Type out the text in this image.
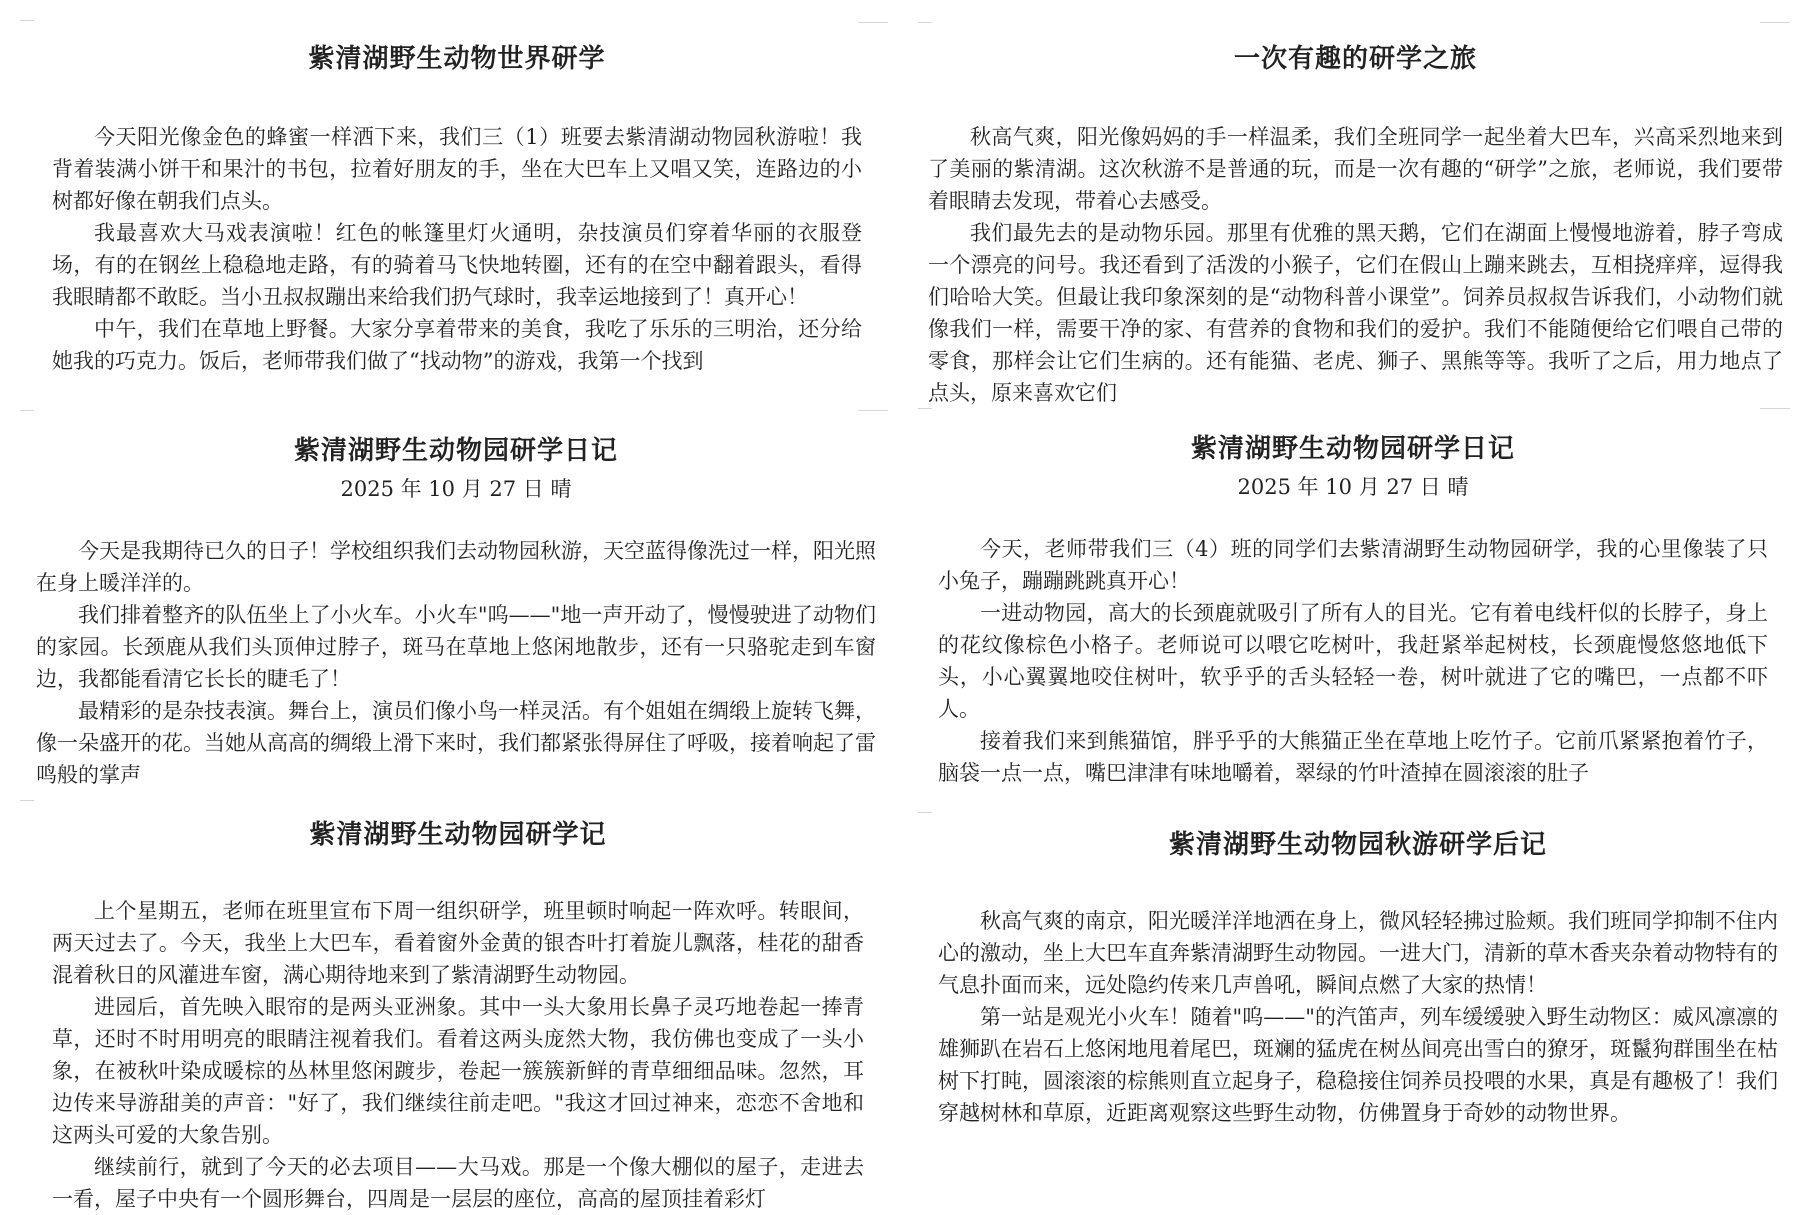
紫清湖野生动物世界研学

今天阳光像金色的蜂蜜一样洒下来，我们三（1）班要去紫清湖动物园秋游啦！我背着装满小饼干和果汁的书包，拉着好朋友的手，坐在大巴车上又唱又笑，连路边的小树都好像在朝我们点头。

我最喜欢大马戏表演啦！红色的帐篷里灯火通明，杂技演员们穿着华丽的衣服登场，有的在钢丝上稳稳地走路，有的骑着马飞快地转圈，还有的在空中翻着跟头，看得我眼睛都不敢眨。当小丑叔叔蹦出来给我们扔气球时，我幸运地接到了！真开心！

中午，我们在草地上野餐。大家分享着带来的美食，我吃了乐乐的三明治，还分给她我的巧克力。饭后，老师带我们做了“找动物”的游戏，我第一个找到

一次有趣的研学之旅

秋高气爽，阳光像妈妈的手一样温柔，我们全班同学一起坐着大巴车，兴高采烈地来到了美丽的紫清湖。这次秋游不是普通的玩，而是一次有趣的“研学”之旅，老师说，我们要带着眼睛去发现，带着心去感受。

我们最先去的是动物乐园。那里有优雅的黑天鹅，它们在湖面上慢慢地游着，脖子弯成一个漂亮的问号。我还看到了活泼的小猴子，它们在假山上蹦来跳去，互相挠痒痒，逗得我们哈哈大笑。但最让我印象深刻的是“动物科普小课堂”。饲养员叔叔告诉我们，小动物们就像我们一样，需要干净的家、有营养的食物和我们的爱护。我们不能随便给它们喂自己带的零食，那样会让它们生病的。还有能猫、老虎、狮子、黑熊等等。我听了之后，用力地点了点头，原来喜欢它们

紫清湖野生动物园研学日记
2025 年 10 月 27 日 晴

今天是我期待已久的日子！学校组织我们去动物园秋游，天空蓝得像洗过一样，阳光照在身上暖洋洋的。

我们排着整齐的队伍坐上了小火车。小火车"呜——"地一声开动了，慢慢驶进了动物们的家园。长颈鹿从我们头顶伸过脖子，斑马在草地上悠闲地散步，还有一只骆驼走到车窗边，我都能看清它长长的睫毛了！

最精彩的是杂技表演。舞台上，演员们像小鸟一样灵活。有个姐姐在绸缎上旋转飞舞，像一朵盛开的花。当她从高高的绸缎上滑下来时，我们都紧张得屏住了呼吸，接着响起了雷鸣般的掌声

紫清湖野生动物园研学日记
2025 年 10 月 27 日 晴

今天，老师带我们三（4）班的同学们去紫清湖野生动物园研学，我的心里像装了只小兔子，蹦蹦跳跳真开心！

一进动物园，高大的长颈鹿就吸引了所有人的目光。它有着电线杆似的长脖子，身上的花纹像棕色小格子。老师说可以喂它吃树叶，我赶紧举起树枝，长颈鹿慢悠悠地低下头，小心翼翼地咬住树叶，软乎乎的舌头轻轻一卷，树叶就进了它的嘴巴，一点都不吓人。

接着我们来到熊猫馆，胖乎乎的大熊猫正坐在草地上吃竹子。它前爪紧紧抱着竹子，脑袋一点一点，嘴巴津津有味地嚼着，翠绿的竹叶渣掉在圆滚滚的肚子

紫清湖野生动物园研学记

上个星期五，老师在班里宣布下周一组织研学，班里顿时响起一阵欢呼。转眼间，两天过去了。今天，我坐上大巴车，看着窗外金黄的银杏叶打着旋儿飘落，桂花的甜香混着秋日的风灌进车窗，满心期待地来到了紫清湖野生动物园。

进园后，首先映入眼帘的是两头亚洲象。其中一头大象用长鼻子灵巧地卷起一捧青草，还时不时用明亮的眼睛注视着我们。看着这两头庞然大物，我仿佛也变成了一头小象，在被秋叶染成暖棕的丛林里悠闲踱步，卷起一簇簇新鲜的青草细细品味。忽然，耳边传来导游甜美的声音："好了，我们继续往前走吧。"我这才回过神来，恋恋不舍地和这两头可爱的大象告别。

继续前行，就到了今天的必去项目——大马戏。那是一个像大棚似的屋子，走进去一看，屋子中央有一个圆形舞台，四周是一层层的座位，高高的屋顶挂着彩灯

紫清湖野生动物园秋游研学后记

秋高气爽的南京，阳光暖洋洋地洒在身上，微风轻轻拂过脸颊。我们班同学抑制不住内心的激动，坐上大巴车直奔紫清湖野生动物园。一进大门，清新的草木香夹杂着动物特有的气息扑面而来，远处隐约传来几声兽吼，瞬间点燃了大家的热情！

第一站是观光小火车！随着"呜——"的汽笛声，列车缓缓驶入野生动物区：威风凛凛的雄狮趴在岩石上悠闲地甩着尾巴，斑斓的猛虎在树丛间亮出雪白的獠牙，斑鬣狗群围坐在枯树下打盹，圆滚滚的棕熊则直立起身子，稳稳接住饲养员投喂的水果，真是有趣极了！我们穿越树林和草原，近距离观察这些野生动物，仿佛置身于奇妙的动物世界。
